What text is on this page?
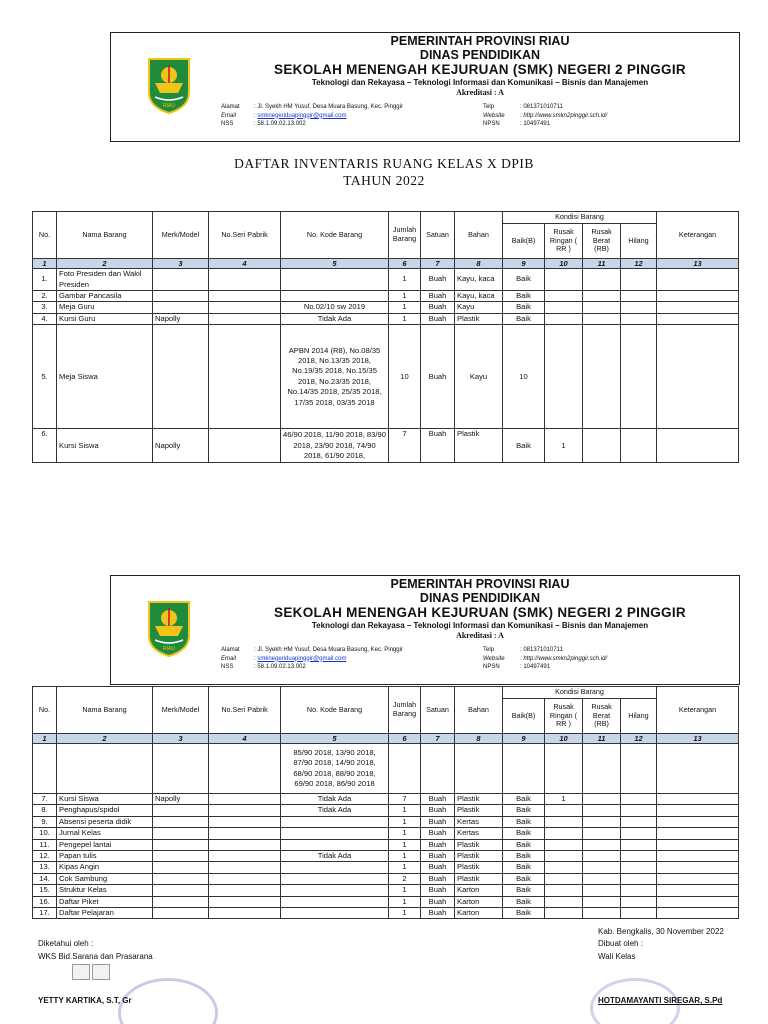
RIAU
PEMERINTAH PROVINSI RIAU
DINAS PENDIDIKAN
SEKOLAH MENENGAH KEJURUAN (SMK) NEGERI 2 PINGGIR
Teknologi dan Rekayasa – Teknologi Informasi dan Komunikasi – Bisnis dan Manajemen
Akreditasi : A
Alamat	: Jl. Syekh HM Yusuf, Desa Muara Basung, Kec. Pinggir
Email	: smknegeriduapinggir@gmail.com
NSS	: 58.1.09.02.13.002
Telp	: 081371010711
Website	: http://www.smkn2pinggir.sch.id/
NPSN	: 10497491
DAFTAR INVENTARIS RUANG KELAS X DPIB
TAHUN 2022
No.	Nama Barang	Merk/Model	No.Seri Pabrik	No. Kode Barang	Jumlah Barang	Satuan	Bahan	Kondisi Barang				Keterangan
								Baik(B)	Rusak Ringan ( RR )	Rusak Berat (RB)	Hilang	
1	2	3	4	5	6	7	8	9	10	11	12	13
1.	Foto Presiden dan Wakil Presiden				1	Buah	Kayu, kaca	Baik				
2.	Gambar Pancasila				1	Buah	Kayu, kaca	Baik				
3.	Meja Guru			No.02/10 sw 2019	1	Buah	Kayu	Baik				
4.	Kursi Guru	Napolly		Tidak Ada	1	Buah	Plastik	Baik				
5.	Meja Siswa			APBN 2014 (R8), No.08/35 2018, No.13/35 2018, No.19/35 2018, No.15/35 2018, No.23/35 2018, No.14/35 2018, 25/35 2018, 17/35 2018, 03/35 2018	10	Buah	Kayu	10				
6.	Kursi Siswa	Napolly		46/90 2018, 11/90 2018, 83/90 2018, 23/90 2018, 74/90 2018, 61/90 2018,	7	Buah	Plastik	Baik	1			
RIAU
PEMERINTAH PROVINSI RIAU
DINAS PENDIDIKAN
SEKOLAH MENENGAH KEJURUAN (SMK) NEGERI 2 PINGGIR
Teknologi dan Rekayasa – Teknologi Informasi dan Komunikasi – Bisnis dan Manajemen
Akreditasi : A
Alamat	: Jl. Syekh HM Yusuf, Desa Muara Basung, Kec. Pinggir
Email	: smknegeriduapinggir@gmail.com
NSS	: 58.1.09.02.13.002
Telp	: 081371010711
Website	: http://www.smkn2pinggir.sch.id/
NPSN	: 10497491
No.	Nama Barang	Merk/Model	No.Seri Pabrik	No. Kode Barang	Jumlah Barang	Satuan	Bahan	Kondisi Barang				Keterangan
								Baik(B)	Rusak Ringan ( RR )	Rusak Berat (RB)	Hilang	
1	2	3	4	5	6	7	8	9	10	11	12	13
				85/90 2018, 13/90 2018, 87/90 2018, 14/90 2018, 68/90 2018, 88/90 2018, 69/90 2018, 86/90 2018								
7.	Kursi Siswa	Napolly		Tidak Ada	7	Buah	Plastik	Baik	1			
8.	Penghapus/spidol			Tidak Ada	1	Buah	Plastik	Baik				
9.	Absensi peserta didik				1	Buah	Kertas	Baik				
10.	Jurnal Kelas				1	Buah	Kertas	Baik				
11.	Pengepel lantai				1	Buah	Plastik	Baik				
12.	Papan tulis			Tidak Ada	1	Buah	Plastik	Baik				
13.	Kipas Angin				1	Buah	Plastik	Baik				
14.	Cok Sambung				2	Buah	Plastik	Baik				
15.	Struktur Kelas				1	Buah	Karton	Baik				
16.	Daftar Piket				1	Buah	Karton	Baik				
17.	Daftar Pelajaran				1	Buah	Karton	Baik				
Kab. Bengkalis, 30 November 2022
Diketahui oleh :	Dibuat oleh :
WKS Bid.Sarana dan Prasarana	Wali Kelas
YETTY KARTIKA, S.T, Gr	HOTDAMAYANTI SIREGAR, S.Pd
